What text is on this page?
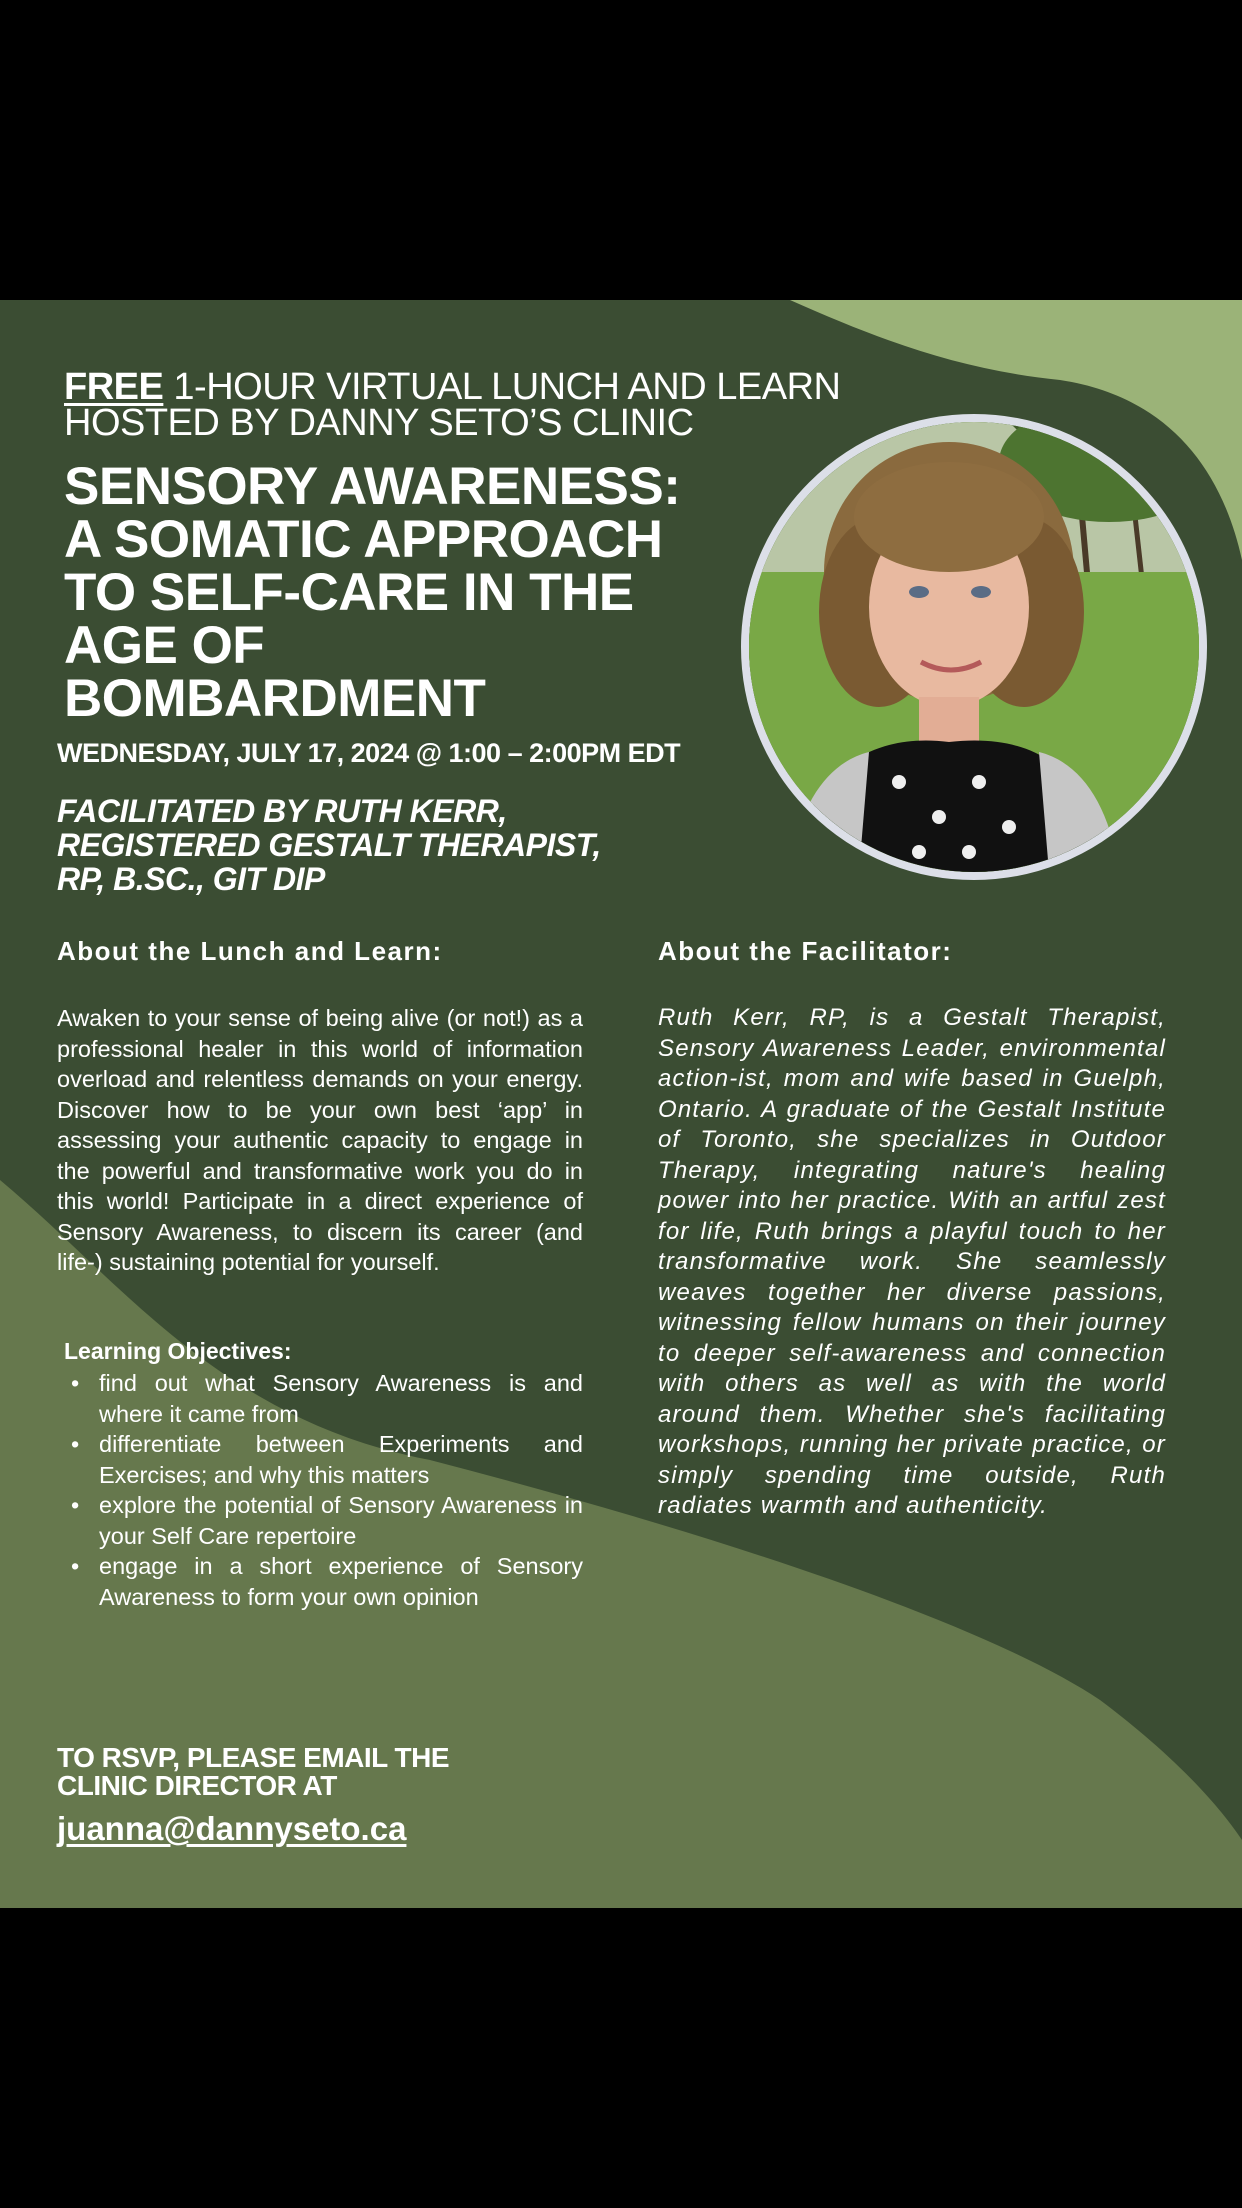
FREE 1-HOUR VIRTUAL LUNCH AND LEARN
HOSTED BY DANNY SETO’S CLINIC
SENSORY AWARENESS:
A SOMATIC APPROACH
TO SELF-CARE IN THE
AGE OF
BOMBARDMENT
WEDNESDAY, JULY 17, 2024 @ 1:00 – 2:00PM EDT
FACILITATED BY RUTH KERR,
REGISTERED GESTALT THERAPIST,
RP, B.SC., GIT DIP
About the Lunch and Learn:	About the Facilitator:

Awaken to your sense of being alive (or not!) as a professional healer in this world of information overload and relentless demands on your energy. Discover how to be your own best ‘app’ in assessing your authentic capacity to engage in the powerful and transformative work you do in this world! Participate in a direct experience of Sensory Awareness, to discern its career (and life-) sustaining potential for yourself.

Learning Objectives:
• find out what Sensory Awareness is and where it came from
• differentiate between Experiments and Exercises; and why this matters
• explore the potential of Sensory Awareness in your Self Care repertoire
• engage in a short experience of Sensory Awareness to form your own opinion

Ruth Kerr, RP, is a Gestalt Therapist, Sensory Awareness Leader, environmental action-ist, mom and wife based in Guelph, Ontario. A graduate of the Gestalt Institute of Toronto, she specializes in Outdoor Therapy, integrating nature's healing power into her practice. With an artful zest for life, Ruth brings a playful touch to her transformative work. She seamlessly weaves together her diverse passions, witnessing fellow humans on their journey to deeper self-awareness and connection with others as well as with the world around them. Whether she's facilitating workshops, running her private practice, or simply spending time outside, Ruth radiates warmth and authenticity.

TO RSVP, PLEASE EMAIL THE
CLINIC DIRECTOR AT
juanna@dannyseto.ca
